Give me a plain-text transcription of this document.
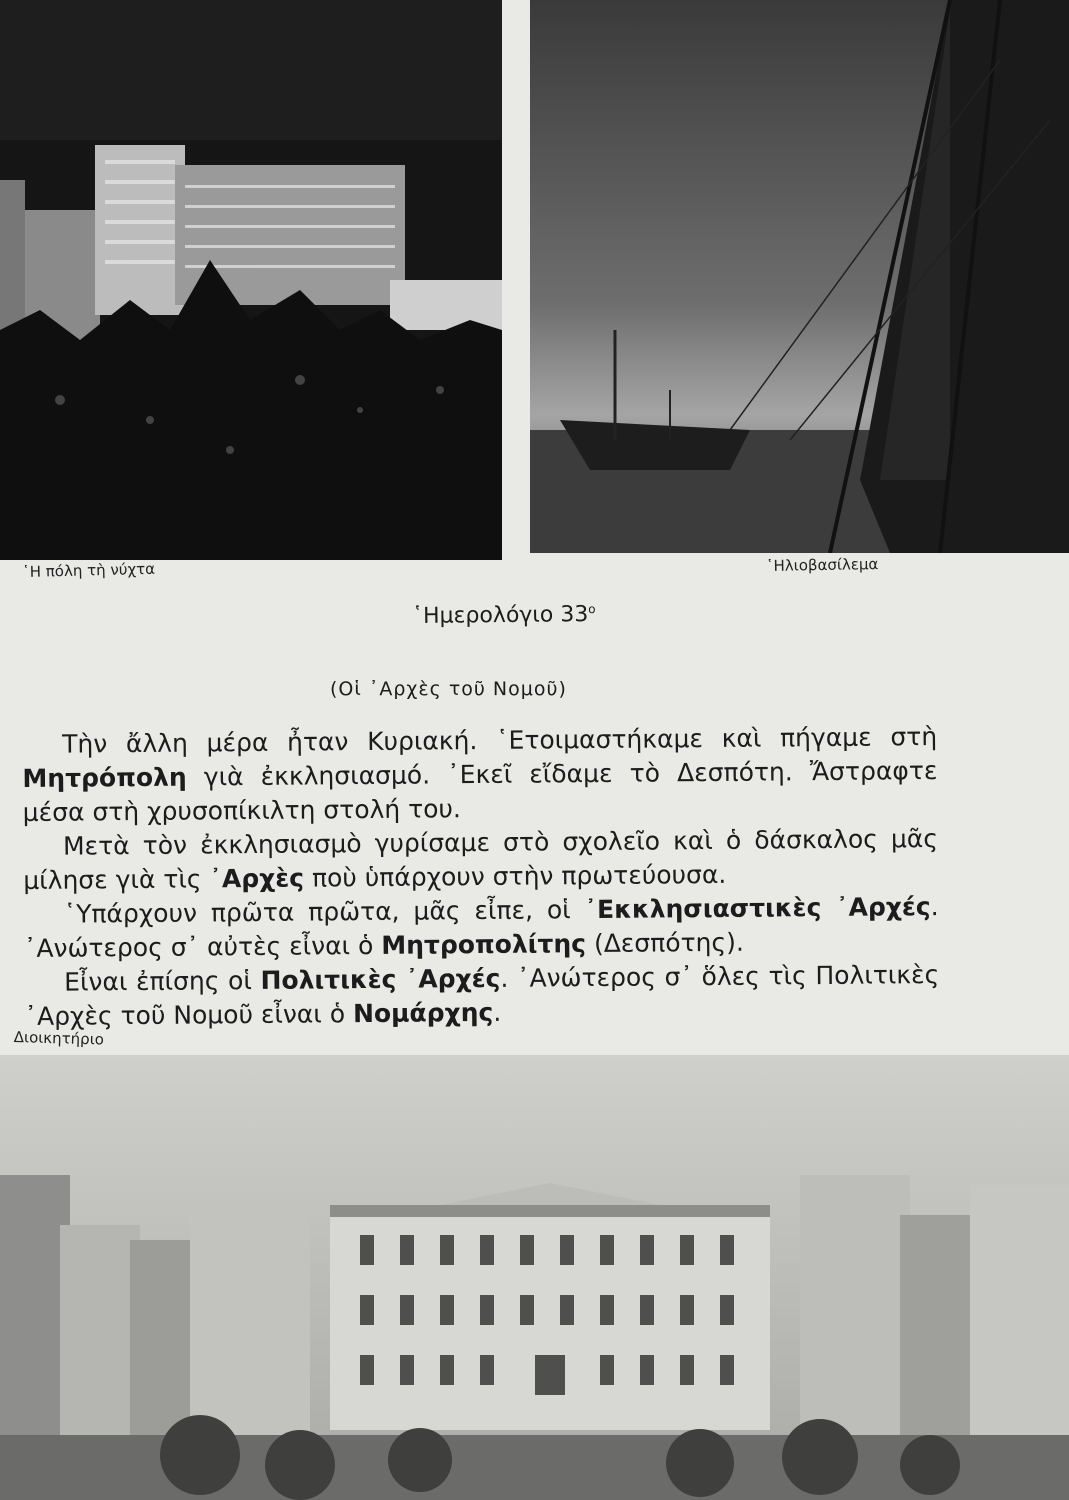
῾Η πόλη τὴ νύχτα	῾Ηλιοβασίλεμα
῾Ημερολόγιο $33^o$
(Οἱ ᾿Αρχὲς τοῦ Νομοῦ)

Τὴν ἄλλη μέρα ἦταν Κυριακή. ῾Ετοιμαστήκαμε καὶ πήγαμε στὴ Μητρόπολη γιὰ ἐκκλησιασμό. ᾿Εκεῖ εἴδαμε τὸ Δεσπότη. Ἄστραφτε μέσα στὴ χρυσοπίκιλτη στολή του.

Μετὰ τὸν ἐκκλησιασμὸ γυρίσαμε στὸ σχολεῖο καὶ ὁ δάσκαλος μᾶς μίλησε γιὰ τὶς ᾿Αρχὲς ποὺ ὑπάρχουν στὴν πρωτεύουσα.

῾Υπάρχουν πρῶτα πρῶτα, μᾶς εἶπε, οἱ ᾿Εκκλησιαστικὲς ᾿Αρχές. ᾿Ανώτερος σ᾿ αὐτὲς εἶναι ὁ Μητροπολίτης (Δεσπότης).

Εἶναι ἐπίσης οἱ Πολιτικὲς ᾿Αρχές. ᾿Ανώτερος σ᾿ ὅλες τὶς Πολιτικὲς ᾿Αρχὲς τοῦ Νομοῦ εἶναι ὁ Νομάρχης.

Διοικητήριο
